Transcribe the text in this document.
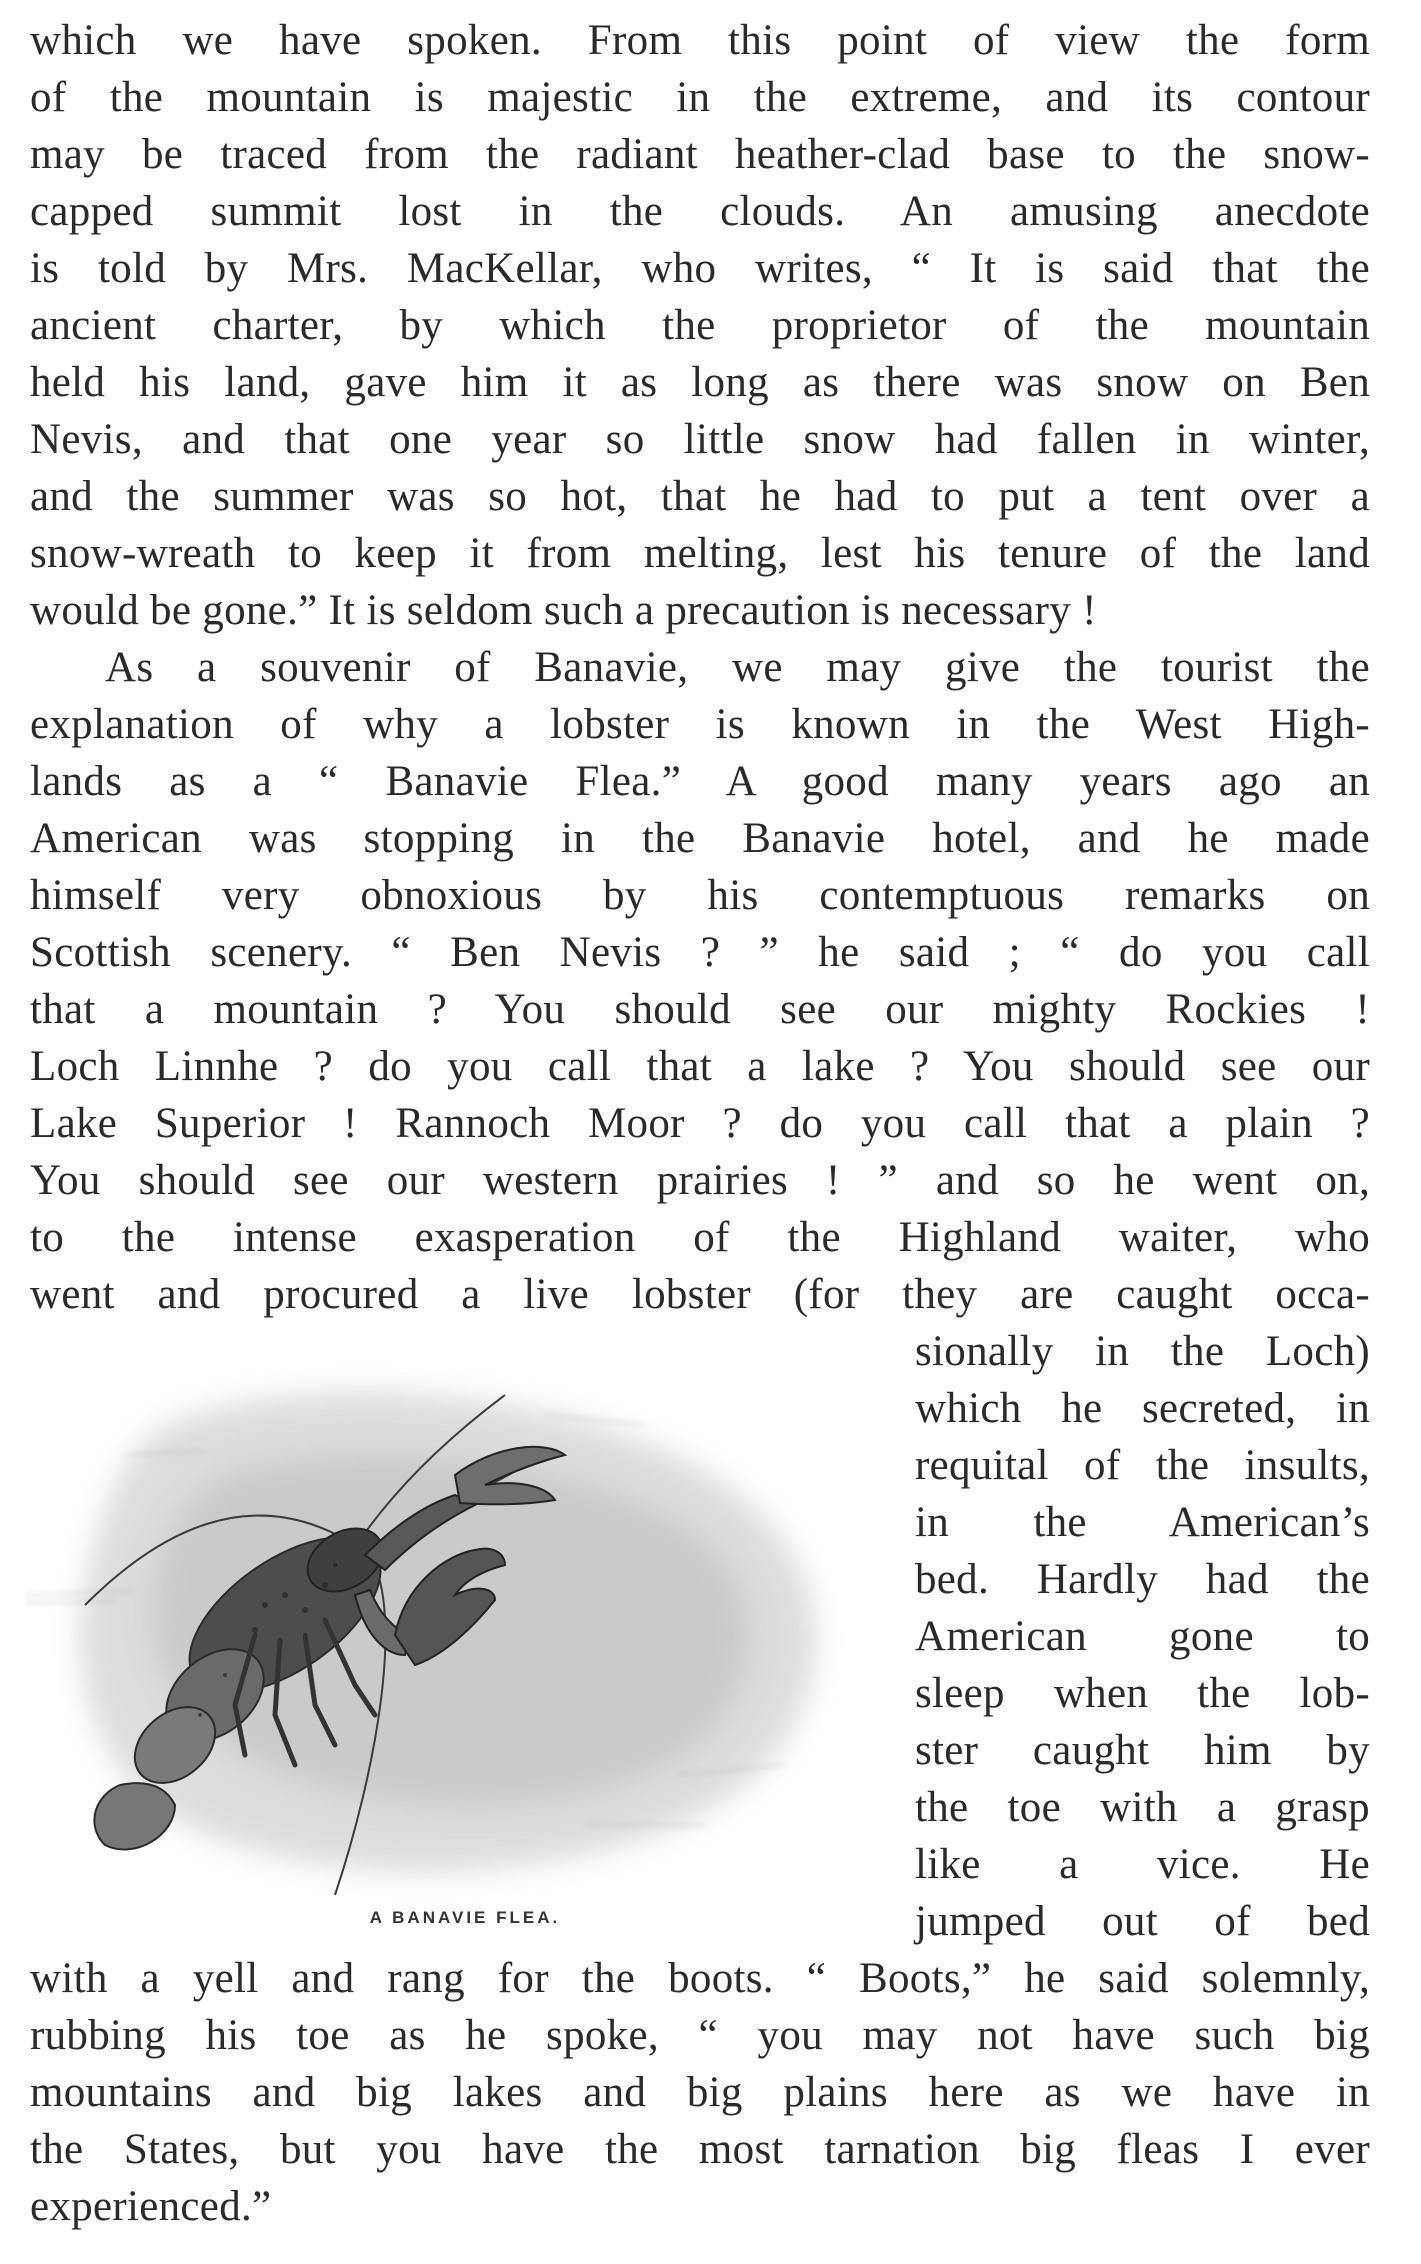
which we have spoken. From this point of view the form
of the mountain is majestic in the extreme, and its contour
may be traced from the radiant heather-clad base to the snow-
capped summit lost in the clouds. An amusing anecdote
is told by Mrs. MacKellar, who writes, “ It is said that the
ancient charter, by which the proprietor of the mountain
held his land, gave him it as long as there was snow on Ben
Nevis, and that one year so little snow had fallen in winter,
and the summer was so hot, that he had to put a tent over a
snow-wreath to keep it from melting, lest his tenure of the land
would be gone.” It is seldom such a precaution is necessary !
As a souvenir of Banavie, we may give the tourist the
explanation of why a lobster is known in the West High-
lands as a “ Banavie Flea.” A good many years ago an
American was stopping in the Banavie hotel, and he made
himself very obnoxious by his contemptuous remarks on
Scottish scenery. “ Ben Nevis ? ” he said ; “ do you call
that a mountain ? You should see our mighty Rockies !
Loch Linnhe ? do you call that a lake ? You should see our
Lake Superior ! Rannoch Moor ? do you call that a plain ?
You should see our western prairies ! ” and so he went on,
to the intense exasperation of the Highland waiter, who
went and procured a live lobster (for they are caught occa-
sionally in the Loch)
which he secreted, in
requital of the insults,
in the American’s
bed. Hardly had the
American gone to
sleep when the lob-
ster caught him by
the toe with a grasp
like a vice. He
jumped out of bed
with a yell and rang for the boots. “ Boots,” he said solemnly,
rubbing his toe as he spoke, “ you may not have such big
mountains and big lakes and big plains here as we have in
the States, but you have the most tarnation big fleas I ever
experienced.”
A BANAVIE FLEA.
